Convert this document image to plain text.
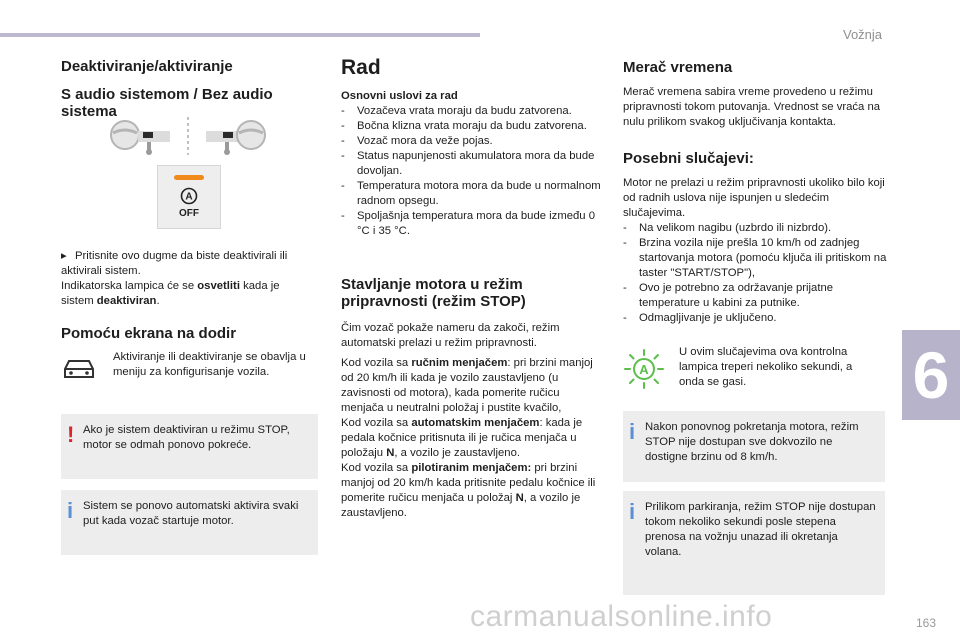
Vožnja
6
163
carmanualsonline.info
Deaktiviranje/aktiviranje
S audio sistemom / Bez audio sistema
A
OFF
▸ Pritisnite ovo dugme da biste deaktivirali ili aktivirali sistem.
Indikatorska lampica će se osvetliti kada je sistem deaktiviran.
Pomoću ekrana na dodir
Aktiviranje ili deaktiviranje se obavlja u meniju za konfigurisanje vozila.
! Ako je sistem deaktiviran u režimu STOP, motor se odmah ponovo pokreće.
i Sistem se ponovo automatski aktivira svaki put kada vozač startuje motor.
Rad
Osnovni uslovi za rad
- Vozačeva vrata moraju da budu zatvorena.
- Bočna klizna vrata moraju da budu zatvorena.
- Vozač mora da veže pojas.
- Status napunjenosti akumulatora mora da bude dovoljan.
- Temperatura motora mora da bude u normalnom radnom opsegu.
- Spoljašnja temperatura mora da bude između 0 °C i 35 °C.
Stavljanje motora u režim pripravnosti (režim STOP)
Čim vozač pokaže nameru da zakoči, režim automatski prelazi u režim pripravnosti.
Kod vozila sa ručnim menjačem: pri brzini manjoj od 20 km/h ili kada je vozilo zaustavljeno (u zavisnosti od motora), kada pomerite ručicu menjača u neutralni položaj i pustite kvačilo,
Kod vozila sa automatskim menjačem: kada je pedala kočnice pritisnuta ili je ručica menjača u položaju N, a vozilo je zaustavljeno.
Kod vozila sa pilotiranim menjačem: pri brzini manjoj od 20 km/h kada pritisnite pedalu kočnice ili pomerite ručicu menjača u položaj N, a vozilo je zaustavljeno.
Merač vremena
Merač vremena sabira vreme provedeno u režimu pripravnosti tokom putovanja. Vrednost se vraća na nulu prilikom svakog uključivanja kontakta.
Posebni slučajevi:
Motor ne prelazi u režim pripravnosti ukoliko bilo koji od radnih uslova nije ispunjen u sledećim slučajevima.
- Na velikom nagibu (uzbrdo ili nizbrdo).
- Brzina vozila nije prešla 10 km/h od zadnjeg startovanja motora (pomoću ključa ili pritiskom na taster "START/STOP"),
- Ovo je potrebno za održavanje prijatne temperature u kabini za putnike.
- Odmagljivanje je uključeno.
A
U ovim slučajevima ova kontrolna lampica treperi nekoliko sekundi, a onda se gasi.
i Nakon ponovnog pokretanja motora, režim STOP nije dostupan sve dokvozilo ne dostigne brzinu od 8 km/h.
i Prilikom parkiranja, režim STOP nije dostupan tokom nekoliko sekundi posle stepena prenosa na vožnju unazad ili okretanja volana.
